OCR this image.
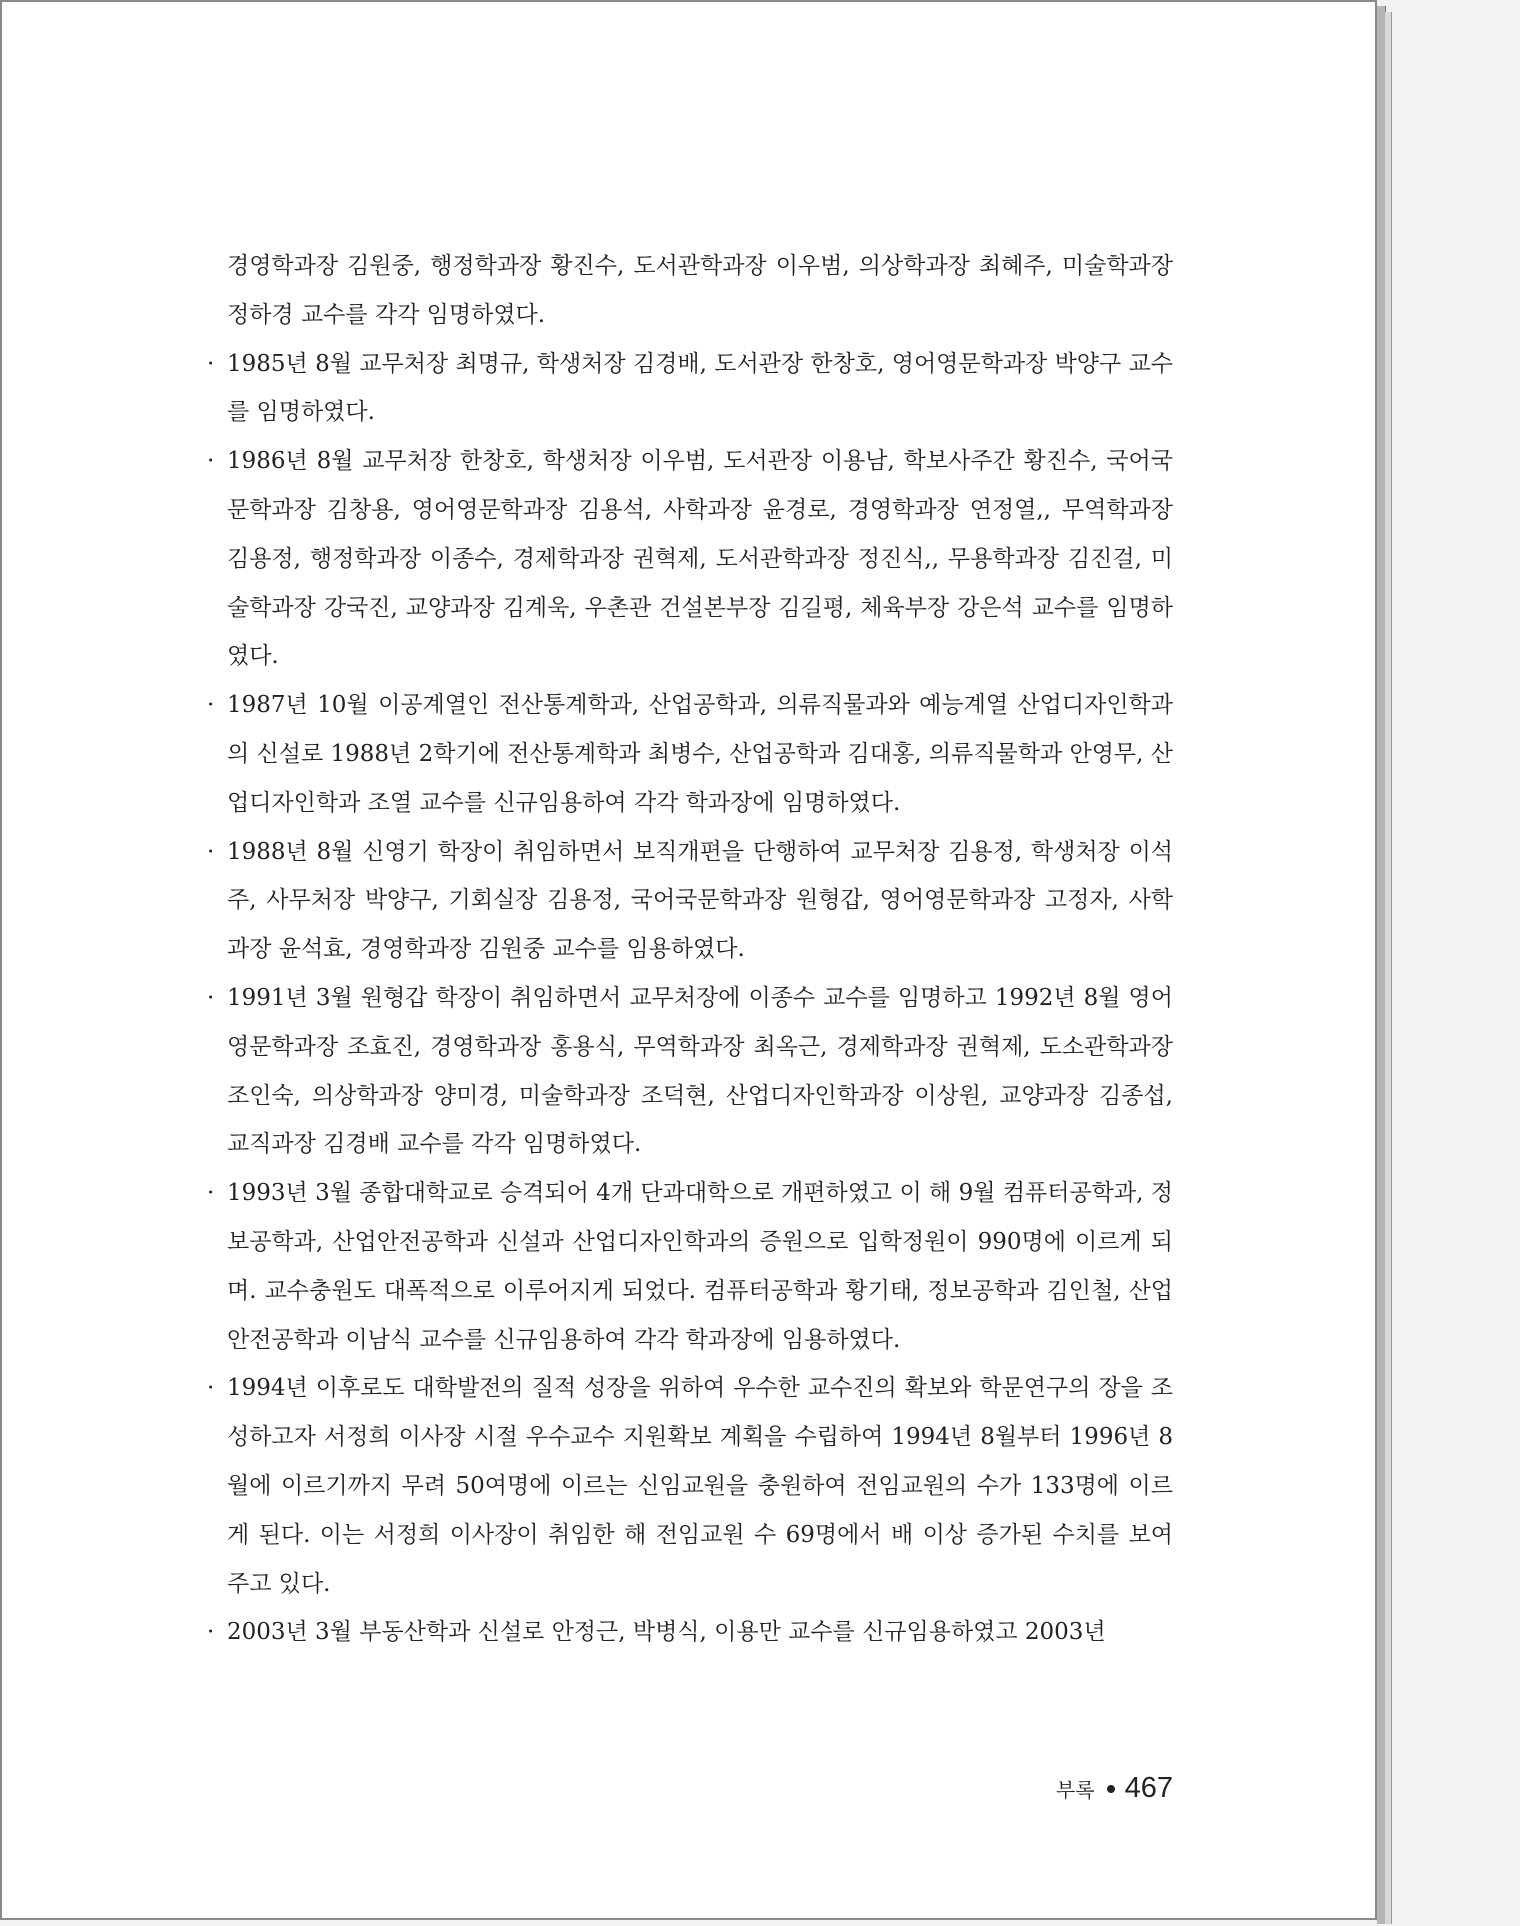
경영학과장 김원중, 행정학과장 황진수, 도서관학과장 이우범, 의상학과장 최혜주, 미술학과장 정하경 교수를 각각 임명하였다.

· 1985년 8월 교무처장 최명규, 학생처장 김경배, 도서관장 한창호, 영어영문학과장 박양구 교수를 임명하였다.

· 1986년 8월 교무처장 한창호, 학생처장 이우범, 도서관장 이용남, 학보사주간 황진수, 국어국문학과장 김창용, 영어영문학과장 김용석, 사학과장 윤경로, 경영학과장 연정열,, 무역학과장 김용정, 행정학과장 이종수, 경제학과장 권혁제, 도서관학과장 정진식,, 무용학과장 김진걸, 미술학과장 강국진, 교양과장 김계욱, 우촌관 건설본부장 김길평, 체육부장 강은석 교수를 임명하였다.

· 1987년 10월 이공계열인 전산통계학과, 산업공학과, 의류직물과와 예능계열 산업디자인학과의 신설로 1988년 2학기에 전산통계학과 최병수, 산업공학과 김대홍, 의류직물학과 안영무, 산업디자인학과 조열 교수를 신규임용하여 각각 학과장에 임명하였다.

· 1988년 8월 신영기 학장이 취임하면서 보직개편을 단행하여 교무처장 김용정, 학생처장 이석주, 사무처장 박양구, 기회실장 김용정, 국어국문학과장 원형갑, 영어영문학과장 고정자, 사학과장 윤석효, 경영학과장 김원중 교수를 임용하였다.

· 1991년 3월 원형갑 학장이 취임하면서 교무처장에 이종수 교수를 임명하고 1992년 8월 영어영문학과장 조효진, 경영학과장 홍용식, 무역학과장 최옥근, 경제학과장 권혁제, 도소관학과장 조인숙, 의상학과장 양미경, 미술학과장 조덕현, 산업디자인학과장 이상원, 교양과장 김종섭, 교직과장 김경배 교수를 각각 임명하였다.

· 1993년 3월 종합대학교로 승격되어 4개 단과대학으로 개편하였고 이 해 9월 컴퓨터공학과, 정보공학과, 산업안전공학과 신설과 산업디자인학과의 증원으로 입학정원이 990명에 이르게 되며. 교수충원도 대폭적으로 이루어지게 되었다. 컴퓨터공학과 황기태, 정보공학과 김인철, 산업안전공학과 이남식 교수를 신규임용하여 각각 학과장에 임용하였다.

· 1994년 이후로도 대학발전의 질적 성장을 위하여 우수한 교수진의 확보와 학문연구의 장을 조성하고자 서정희 이사장 시절 우수교수 지원확보 계획을 수립하여 1994년 8월부터 1996년 8월에 이르기까지 무려 50여명에 이르는 신임교원을 충원하여 전임교원의 수가 133명에 이르게 된다. 이는 서정희 이사장이 취임한 해 전임교원 수 69명에서 배 이상 증가된 수치를 보여 주고 있다.

· 2003년 3월 부동산학과 신설로 안정근, 박병식, 이용만 교수를 신규임용하였고 2003년

부록 467
